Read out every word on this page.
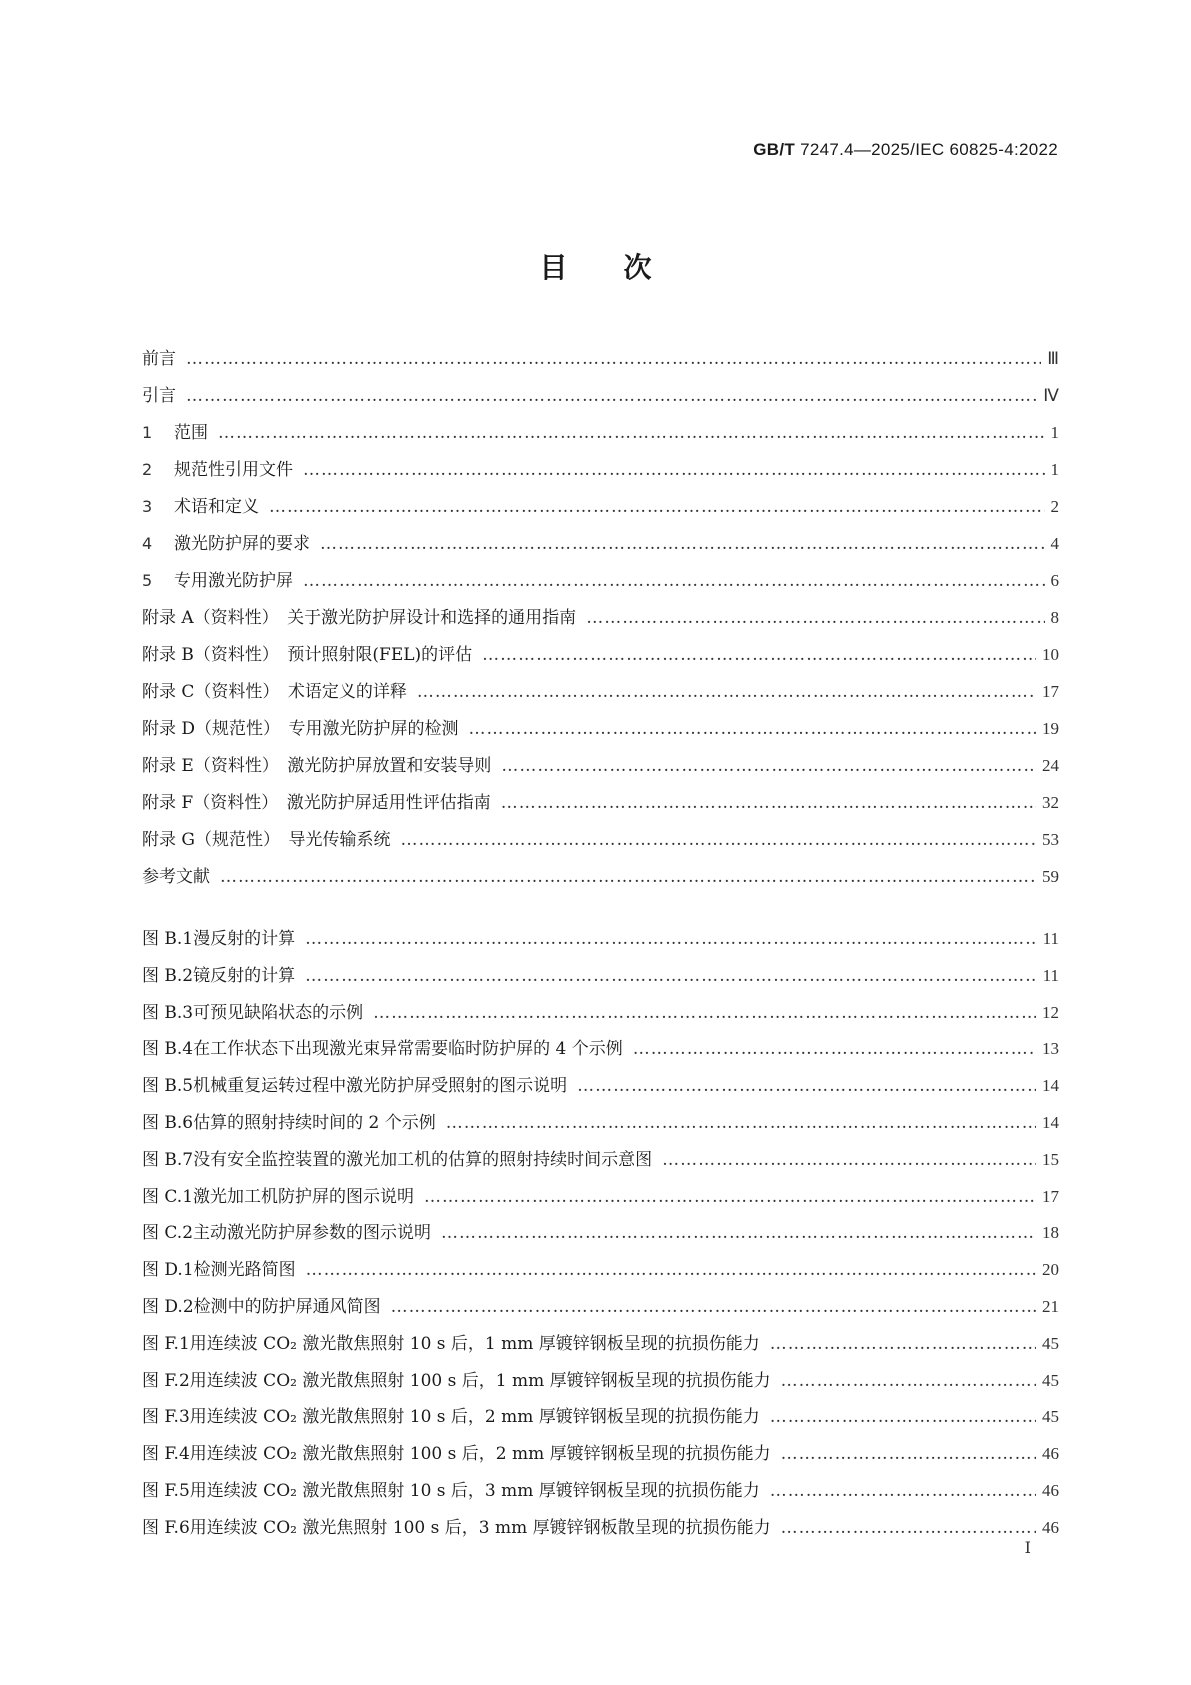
GB/T 7247.4—2025/IEC 60825-4:2022
目 次
前言 ………………………………………………………………………………………………………………………………………………………………………………………………………………	Ⅲ
引言 ………………………………………………………………………………………………………………………………………………………………………………………………………………	Ⅳ
1	范围 ………………………………………………………………………………………………………………………………………………………………………………………………………………	1
2	规范性引用文件 ………………………………………………………………………………………………………………………………………………………………………………………………………………	1
3	术语和定义 ………………………………………………………………………………………………………………………………………………………………………………………………………………	2
4	激光防护屏的要求 ………………………………………………………………………………………………………………………………………………………………………………………………………………	4
5	专用激光防护屏 ………………………………………………………………………………………………………………………………………………………………………………………………………………	6
附录 A（资料性）　关于激光防护屏设计和选择的通用指南 ………………………………………………………………………………………………………………………………………………………………………………………………………………	8
附录 B（资料性）　预计照射限(FEL)的评估 ………………………………………………………………………………………………………………………………………………………………………………………………………………	10
附录 C（资料性）　术语定义的详释 ………………………………………………………………………………………………………………………………………………………………………………………………………………	17
附录 D（规范性）　专用激光防护屏的检测 ………………………………………………………………………………………………………………………………………………………………………………………………………………	19
附录 E（资料性）　激光防护屏放置和安装导则 ………………………………………………………………………………………………………………………………………………………………………………………………………………	24
附录 F（资料性）　激光防护屏适用性评估指南 ………………………………………………………………………………………………………………………………………………………………………………………………………………	32
附录 G（规范性）　导光传输系统 ………………………………………………………………………………………………………………………………………………………………………………………………………………	53
参考文献 ………………………………………………………………………………………………………………………………………………………………………………………………………………	59
图 B.1 漫反射的计算 ………………………………………………………………………………………………………………………………………………………………………………………………………………	11
图 B.2 镜反射的计算 ………………………………………………………………………………………………………………………………………………………………………………………………………………	11
图 B.3 可预见缺陷状态的示例 ………………………………………………………………………………………………………………………………………………………………………………………………………………	12
图 B.4 在工作状态下出现激光束异常需要临时防护屏的 4 个示例 ………………………………………………………………………………………………………………………………………………………………………………………………………………	13
图 B.5 机械重复运转过程中激光防护屏受照射的图示说明 ………………………………………………………………………………………………………………………………………………………………………………………………………………	14
图 B.6 估算的照射持续时间的 2 个示例 ………………………………………………………………………………………………………………………………………………………………………………………………………………	14
图 B.7 没有安全监控装置的激光加工机的估算的照射持续时间示意图 ………………………………………………………………………………………………………………………………………………………………………………………………………………	15
图 C.1 激光加工机防护屏的图示说明 ………………………………………………………………………………………………………………………………………………………………………………………………………………	17
图 C.2 主动激光防护屏参数的图示说明 ………………………………………………………………………………………………………………………………………………………………………………………………………………	18
图 D.1 检测光路简图 ………………………………………………………………………………………………………………………………………………………………………………………………………………	20
图 D.2 检测中的防护屏通风简图 ………………………………………………………………………………………………………………………………………………………………………………………………………………	21
图 F.1 用连续波 CO₂ 激光散焦照射 10 s 后，1 mm 厚镀锌钢板呈现的抗损伤能力 ………………………………………………………………………………………………………………………………………………………………………………………………………………	45
图 F.2 用连续波 CO₂ 激光散焦照射 100 s 后，1 mm 厚镀锌钢板呈现的抗损伤能力 ………………………………………………………………………………………………………………………………………………………………………………………………………………	45
图 F.3 用连续波 CO₂ 激光散焦照射 10 s 后，2 mm 厚镀锌钢板呈现的抗损伤能力 ………………………………………………………………………………………………………………………………………………………………………………………………………………	45
图 F.4 用连续波 CO₂ 激光散焦照射 100 s 后，2 mm 厚镀锌钢板呈现的抗损伤能力 ………………………………………………………………………………………………………………………………………………………………………………………………………………	46
图 F.5 用连续波 CO₂ 激光散焦照射 10 s 后，3 mm 厚镀锌钢板呈现的抗损伤能力 ………………………………………………………………………………………………………………………………………………………………………………………………………………	46
图 F.6 用连续波 CO₂ 激光焦照射 100 s 后，3 mm 厚镀锌钢板散呈现的抗损伤能力 ………………………………………………………………………………………………………………………………………………………………………………………………………………	46
I
